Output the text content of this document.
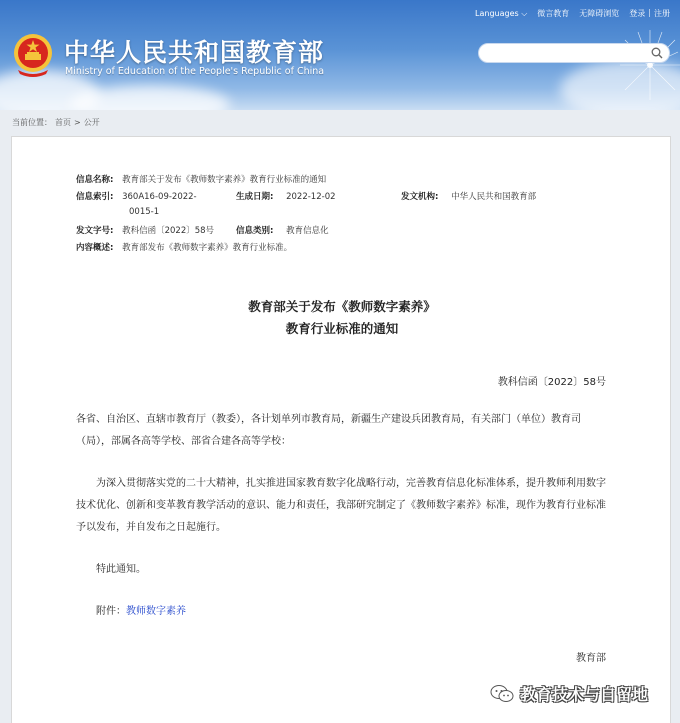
Languages ⌵ 微言教育 无障碍浏览 登录 | 注册
中华人民共和国教育部
Ministry of Education of the People's Republic of China
当前位置： 首页 > 公开
信息名称: 教育部关于发布《教师数字素养》教育行业标准的通知
信息索引: 360A16-09-2022-
0015-1
生成日期: 2022-12-02	发文机构: 中华人民共和国教育部
发文字号: 教科信函〔2022〕58号	信息类别: 教育信息化
内容概述: 教育部发布《教师数字素养》教育行业标准。
教育部关于发布《教师数字素养》
教育行业标准的通知
教科信函〔2022〕58号
各省、自治区、直辖市教育厅（教委），各计划单列市教育局，新疆生产建设兵团教育局，有关部门（单位）教育司（局），部属各高等学校、部省合建各高等学校：
　　为深入贯彻落实党的二十大精神，扎实推进国家教育数字化战略行动，完善教育信息化标准体系，提升教师利用数字技术优化、创新和变革教育教学活动的意识、能力和责任，我部研究制定了《教师数字素养》标准，现作为教育行业标准予以发布，并自发布之日起施行。
　　特此通知。
　　附件：教师数字素养
教育部
教育技术与自留地
